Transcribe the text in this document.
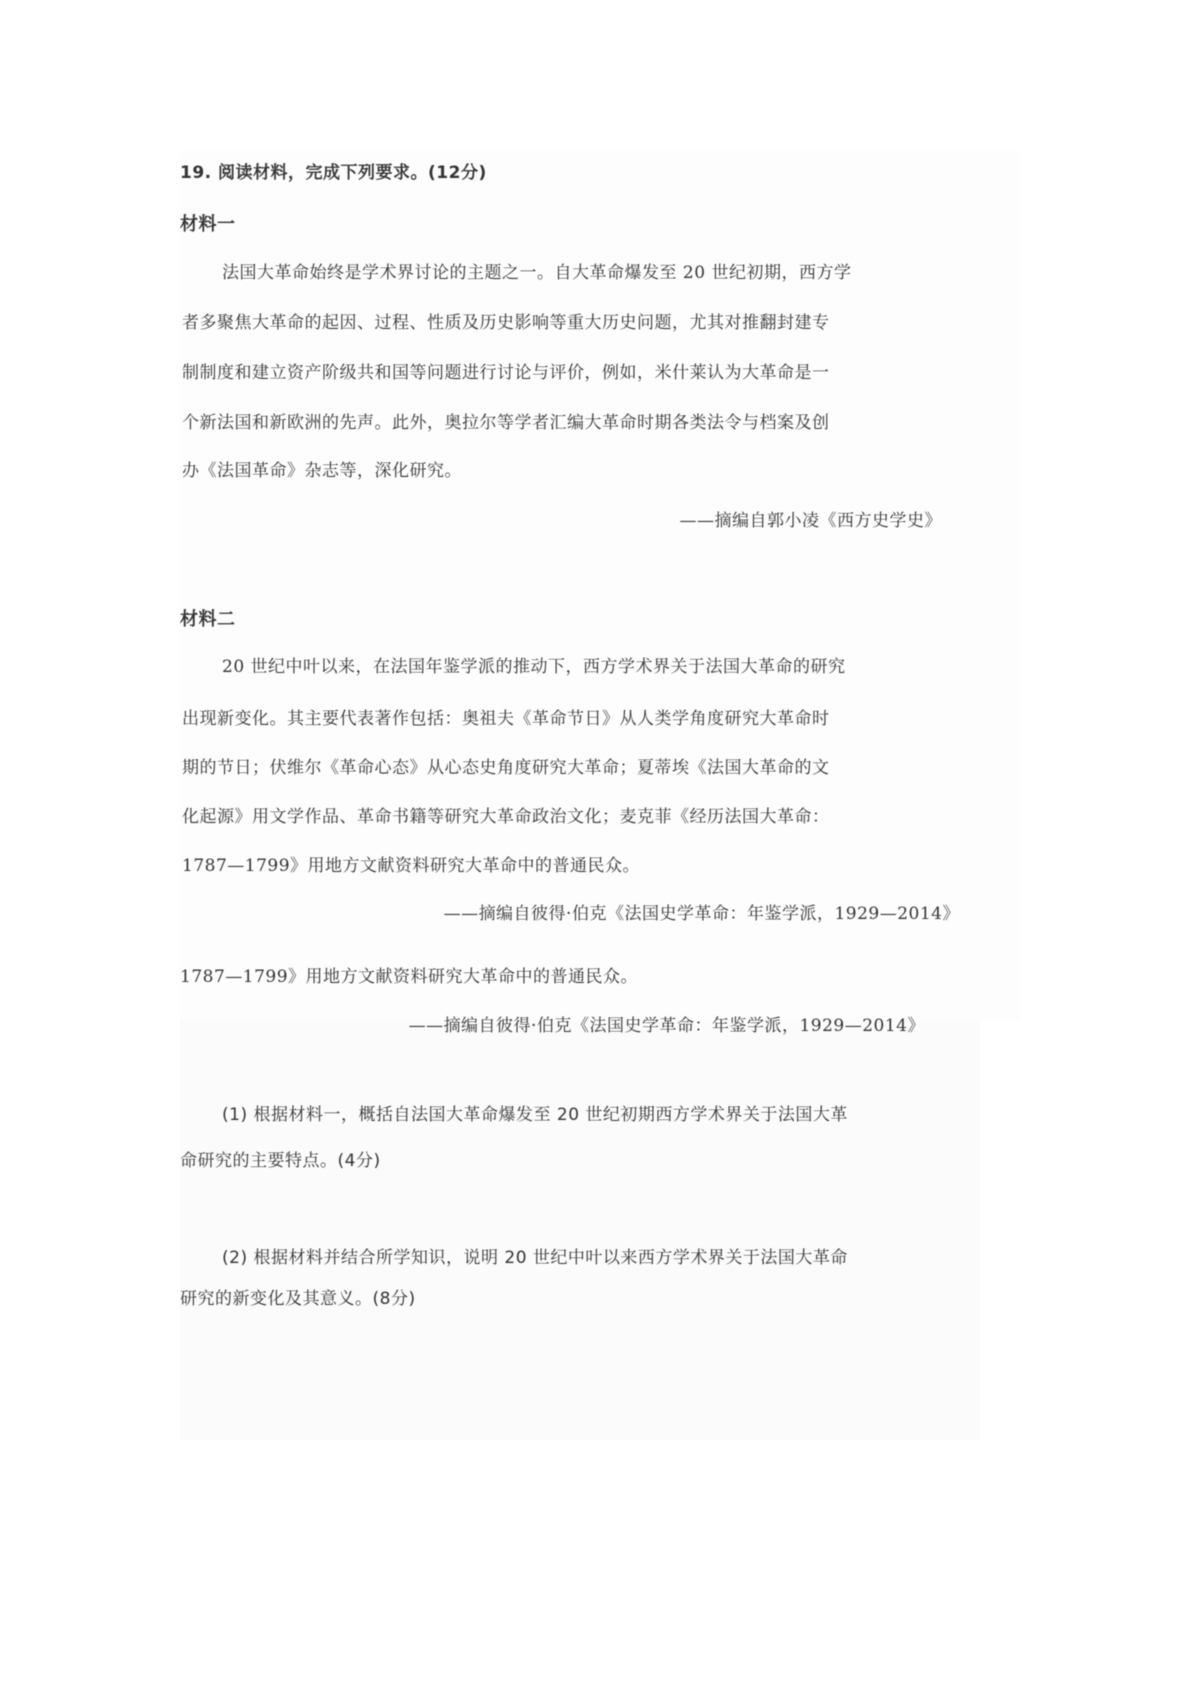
19. 阅读材料，完成下列要求。(12分)
材料一
法国大革命始终是学术界讨论的主题之一。自大革命爆发至 20 世纪初期，西方学
者多聚焦大革命的起因、过程、性质及历史影响等重大历史问题，尤其对推翻封建专
制制度和建立资产阶级共和国等问题进行讨论与评价，例如，米什莱认为大革命是一
个新法国和新欧洲的先声。此外，奥拉尔等学者汇编大革命时期各类法令与档案及创
办《法国革命》杂志等，深化研究。
——摘编自郭小凌《西方史学史》
材料二
20 世纪中叶以来，在法国年鉴学派的推动下，西方学术界关于法国大革命的研究
出现新变化。其主要代表著作包括：奥祖夫《革命节日》从人类学角度研究大革命时
期的节日；伏维尔《革命心态》从心态史角度研究大革命；夏蒂埃《法国大革命的文
化起源》用文学作品、革命书籍等研究大革命政治文化；麦克菲《经历法国大革命：
1787—1799》用地方文献资料研究大革命中的普通民众。
——摘编自彼得·伯克《法国史学革命：年鉴学派，1929—2014》
1787—1799》用地方文献资料研究大革命中的普通民众。
——摘编自彼得·伯克《法国史学革命：年鉴学派，1929—2014》
(1) 根据材料一，概括自法国大革命爆发至 20 世纪初期西方学术界关于法国大革
命研究的主要特点。(4分)
(2) 根据材料并结合所学知识，说明 20 世纪中叶以来西方学术界关于法国大革命
研究的新变化及其意义。(8分)
